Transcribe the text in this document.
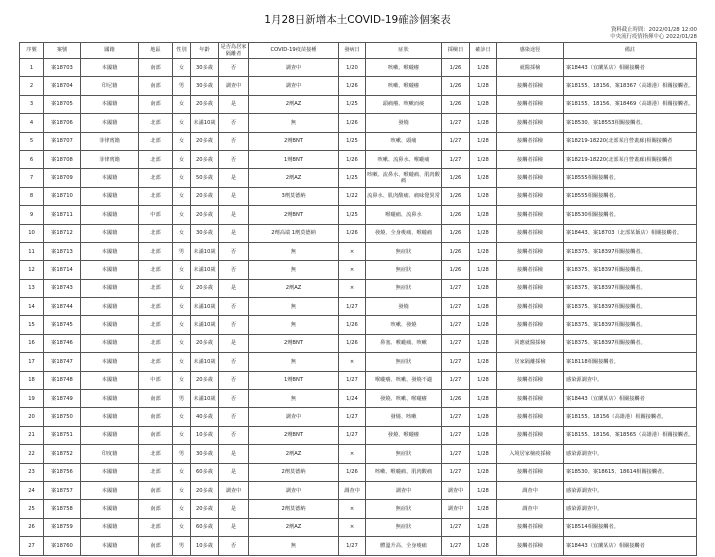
1月28日新增本土COVID-19確診個案表
資料截止時間：2022/01/28 12:00
中央流行疫情指揮中心 2022/01/28
序號	案號	國籍	地區	性別	年齡	是否為居家隔離者	COVID-19疫苗接種	發病日	症狀	採檢日	確診日	感染途徑	備註
1	案18703	本國籍	南部	女	30多歲	否	調查中	1/20	咳嗽、喉嚨癢	1/26	1/28	就醫採檢	案18443（宜蘭某店）相關接觸者
2	案18704	印尼籍	南部	男	30多歲	調查中	調查中	1/26	咳嗽、喉嚨癢	1/26	1/28	接觸者採檢	案18155、18156、案18367（高雄港）相關接觸者。
3	案18705	本國籍	南部	女	20多歲	是	2劑AZ	1/25	頭痛癢、咳嗽而痰	1/26	1/28	接觸者採檢	案18155、18156、案18469（高雄港）相關接觸者。
4	案18706	本國籍	北部	女	未滿10歲	否	無	1/26	發燒	1/27	1/28	接觸者採檢	案18530、案18553相關接觸者。
5	案18707	菲律賓籍	北部	女	20多歲	否	2劑BNT	1/25	咳嗽、頭痛	1/27	1/28	接觸者採檢	案18219-18220(北部某自營畫廊)相關接觸者
6	案18708	菲律賓籍	北部	女	20多歲	否	1劑BNT	1/26	咳嗽、流鼻水、喉嚨痛	1/27	1/28	接觸者採檢	案18219-18220(北部某自營畫廊)相關接觸者
7	案18709	本國籍	北部	女	50多歲	是	2劑AZ	1/25	咳嗽、流鼻水、喉嚨痛、肌肉酸痛	1/26	1/28	接觸者採檢	案18555相關接觸者。
8	案18710	本國籍	北部	女	20多歲	是	3劑莫德納	1/22	流鼻水、肌肉酸痛、痛味覺異常	1/26	1/28	接觸者採檢	案18555相關接觸者。
9	案18711	本國籍	中部	女	20多歲	是	2劑BNT	1/25	喉嚨痛、流鼻水	1/26	1/28	接觸者採檢	案18530相關接觸者。
10	案18712	本國籍	北部	女	30多歲	是	2劑高端 1劑莫德納	1/26	發燒、全身痠痛、喉嚨痛	1/26	1/28	接觸者採檢	案18443、案18703（北部某飯店）相關接觸者。
11	案18713	本國籍	北部	男	未滿10歲	否	無	×	無症狀	1/26	1/28	接觸者採檢	案18375、案18397相關接觸者。
12	案18714	本國籍	北部	女	未滿10歲	否	無	×	無症狀	1/26	1/28	接觸者採檢	案18375、案18397相關接觸者。
13	案18743	本國籍	北部	女	20多歲	是	2劑AZ	×	無症狀	1/27	1/28	接觸者採檢	案18375、案18397相關接觸者。
14	案18744	本國籍	北部	女	未滿10歲	否	無	1/27	發燒	1/27	1/28	接觸者採檢	案18375、案18397相關接觸者。
15	案18745	本國籍	北部	女	未滿10歲	否	無	1/26	咳嗽、發燒	1/27	1/28	接觸者採檢	案18375、案18397相關接觸者。
16	案18746	本國籍	北部	女	20多歲	是	2劑BNT	1/26	鼻塞、喉嚨痛、咳嗽	1/27	1/28	回應就醫採檢	案18375、案18397相關接觸者。
17	案18747	本國籍	北部	女	未滿10歲	否	無	×	無症狀	1/27	1/28	居家隔離採檢	案18118相關接觸者。
18	案18748	本國籍	中部	女	20多歲	否	1劑BNT	1/27	喉嚨癢、咳嗽、發燒不適	1/27	1/28	接觸者採檢	感染源調查中。
19	案18749	本國籍	南部	男	未滿10歲	否	無	1/24	發燒、咳嗽、喉嚨癢	1/26	1/28	接觸者採檢	案18443（宜蘭某店）相關接觸者
20	案18750	本國籍	南部	女	40多歲	否	調查中	1/27	發燒、咳嗽	1/27	1/28	接觸者採檢	案18155、18156（高雄港）相關接觸者。
21	案18751	本國籍	南部	女	10多歲	否	2劑BNT	1/27	發燒、喉嚨癢	1/27	1/28	接觸者採檢	案18155、18156、案18565（高雄港）相關接觸者。
22	案18752	印度籍	北部	男	30多歲	是	2劑AZ	×	無症狀	1/27	1/28	入境居家檢疫採檢	感染源調查中。
23	案18756	本國籍	北部	女	60多歲	是	2劑莫德納	1/26	咳嗽、喉嚨痛、肌肉酸痛	1/27	1/28	接觸者採檢	案18530、案18615、18614相關接觸者。
24	案18757	本國籍	南部	女	20多歲	調查中	調查中	調查中	調查中	調查中	1/28	調查中	感染源調查中。
25	案18758	本國籍	南部	女	20多歲	是	2劑莫德納	×	無症狀	調查中	1/28	調查中	感染源調查中。
26	案18759	本國籍	北部	女	60多歲	是	2劑AZ	×	無症狀	1/27	1/28	接觸者採檢	案18514相關接觸者。
27	案18760	本國籍	南部	男	10多歲	否	無	1/27	體溫升高、全身痠痛	1/27	1/28	接觸者採檢	案18443（宜蘭某店）相關接觸者
